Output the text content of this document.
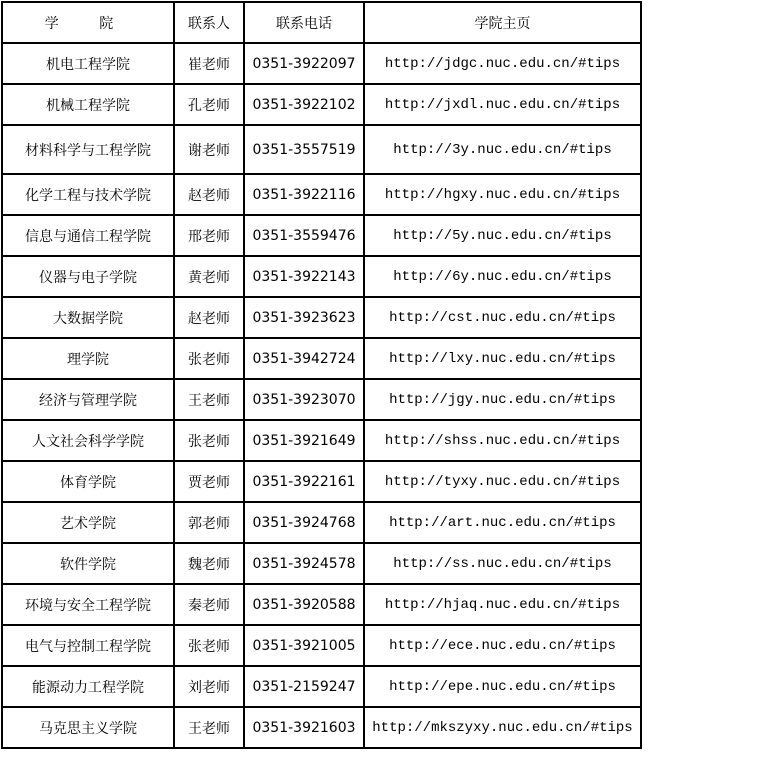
学 院	联系人	联系电话	学院主页
机电工程学院	崔老师	0351-3922097	http://jdgc.nuc.edu.cn/#tips
机械工程学院	孔老师	0351-3922102	http://jxdl.nuc.edu.cn/#tips
材料科学与工程学院	谢老师	0351-3557519	http://3y.nuc.edu.cn/#tips
化学工程与技术学院	赵老师	0351-3922116	http://hgxy.nuc.edu.cn/#tips
信息与通信工程学院	邢老师	0351-3559476	http://5y.nuc.edu.cn/#tips
仪器与电子学院	黄老师	0351-3922143	http://6y.nuc.edu.cn/#tips
大数据学院	赵老师	0351-3923623	http://cst.nuc.edu.cn/#tips
理学院	张老师	0351-3942724	http://lxy.nuc.edu.cn/#tips
经济与管理学院	王老师	0351-3923070	http://jgy.nuc.edu.cn/#tips
人文社会科学学院	张老师	0351-3921649	http://shss.nuc.edu.cn/#tips
体育学院	贾老师	0351-3922161	http://tyxy.nuc.edu.cn/#tips
艺术学院	郭老师	0351-3924768	http://art.nuc.edu.cn/#tips
软件学院	魏老师	0351-3924578	http://ss.nuc.edu.cn/#tips
环境与安全工程学院	秦老师	0351-3920588	http://hjaq.nuc.edu.cn/#tips
电气与控制工程学院	张老师	0351-3921005	http://ece.nuc.edu.cn/#tips
能源动力工程学院	刘老师	0351-2159247	http://epe.nuc.edu.cn/#tips
马克思主义学院	王老师	0351-3921603	http://mkszyxy.nuc.edu.cn/#tips
